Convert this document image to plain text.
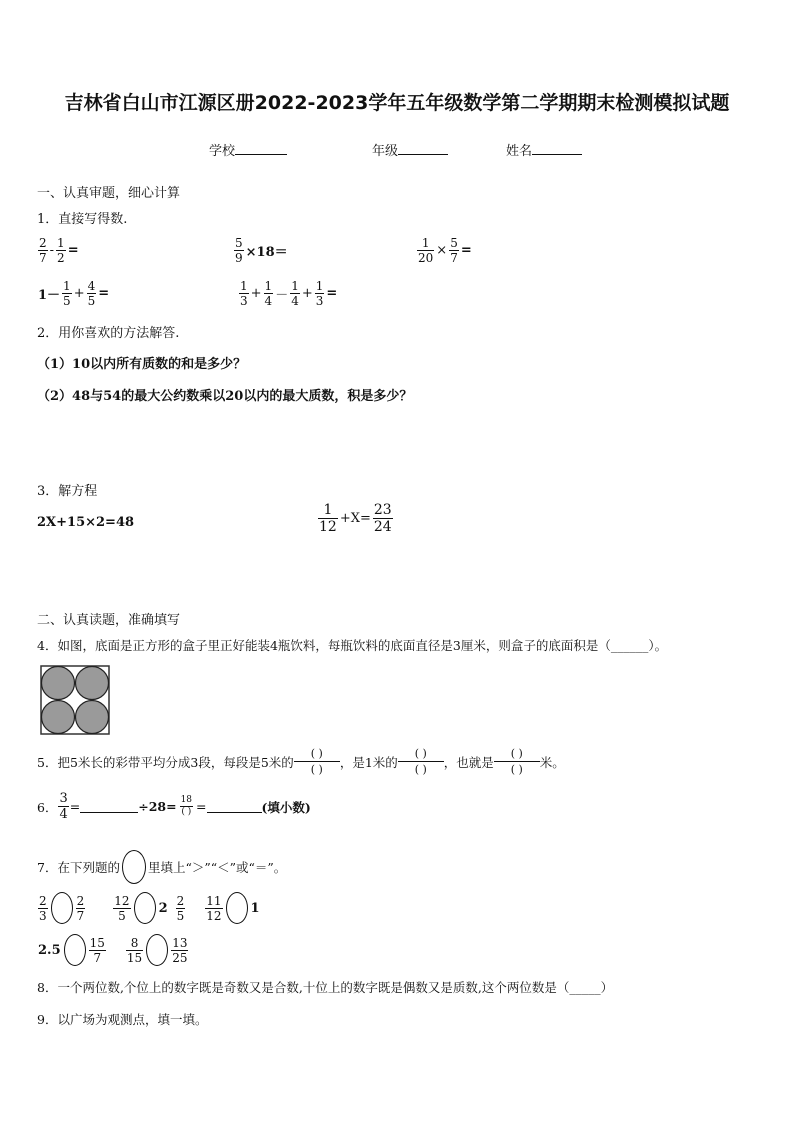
吉林省白山市江源区册2022-2023学年五年级数学第二学期期末检测模拟试题
学校	年级	姓名
一、认真审题，细心计算
1．直接写得数.
$\frac{2}{7} - \frac{1}{2}$ =	$\frac{5}{9} \times 18=$	$\frac{1}{20} \times \frac{5}{7}$ =
$1- \frac{1}{5} + \frac{4}{5}$ =	$\frac{1}{3} + \frac{1}{4} - \frac{1}{4} + \frac{1}{3}$ =
2．用你喜欢的方法解答.
（1）10以内所有质数的和是多少？
（2）48与54的最大公约数乘以20以内的最大质数，积是多少？
3．解方程
2X+15×2=48	$\frac{1}{12} +X= \frac{23}{24}$
二、认真读题，准确填写
4．如图，底面是正方形的盒子里正好能装4瓶饮料，每瓶饮料的底面直径是3厘米，则盒子的底面积是（______）。
5．把5米长的彩带平均分成3段，每段是5米的 $\frac{( )}{( )}$ ，是1米的 $\frac{( )}{( )}$ ，也就是 $\frac{( )}{( )}$ 米。
6． $\frac{3}{4}$ =	$\div 28= \frac{18}{( )}$ =	(填小数)
7．在下列题的 里填上“＞”“＜”或“＝”。
$\frac{2}{3} \frac{2}{7} \frac{12}{5} 2 \frac{2}{5} \frac{11}{12} 1$
$2.5 \frac{15}{7} \frac{8}{15} \frac{13}{25}$
8．一个两位数,个位上的数字既是奇数又是合数,十位上的数字既是偶数又是质数,这个两位数是（_____）
9．以广场为观测点，填一填。
